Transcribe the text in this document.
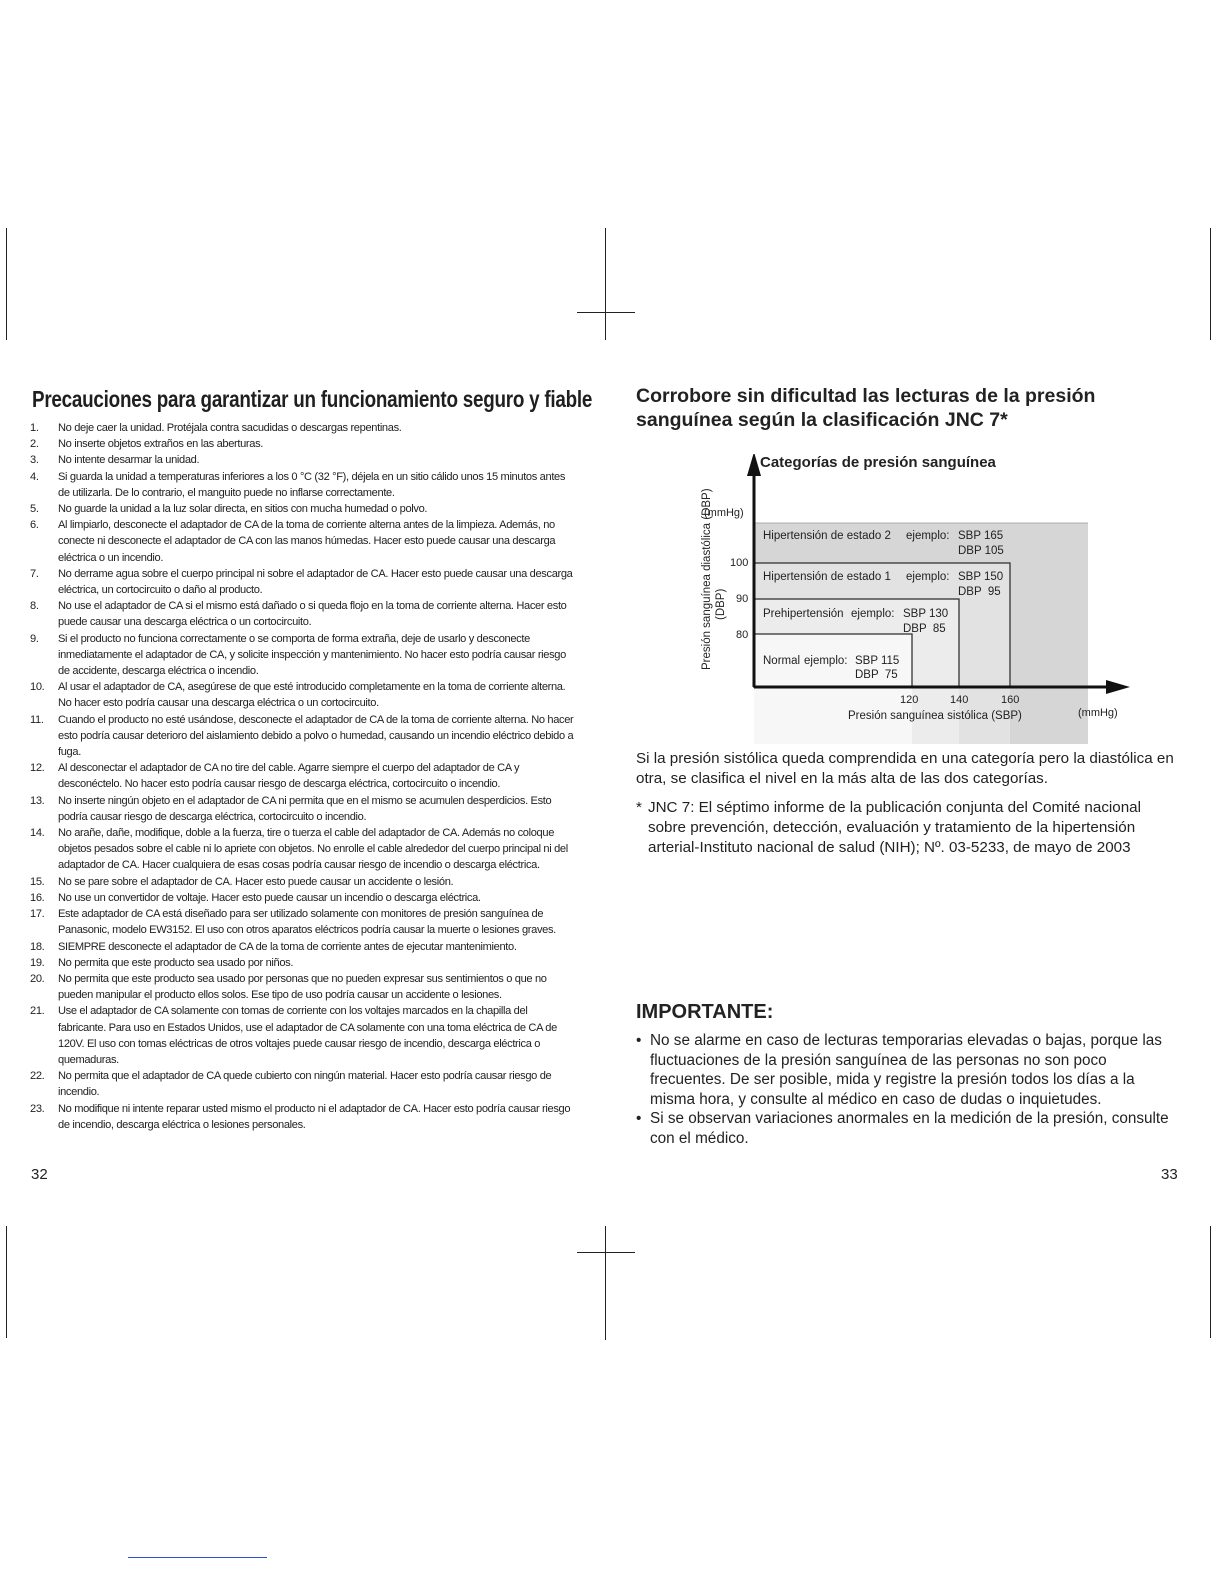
Precauciones para garantizar un funcionamiento seguro y fiable
1. No deje caer la unidad. Protéjala contra sacudidas o descargas repentinas.
2. No inserte objetos extraños en las aberturas.
3. No intente desarmar la unidad.
4. Si guarda la unidad a temperaturas inferiores a los 0 °C (32 °F), déjela en un sitio cálido unos 15 minutos antes de utilizarla. De lo contrario, el manguito puede no inflarse correctamente.
5. No guarde la unidad a la luz solar directa, en sitios con mucha humedad o polvo.
6. Al limpiarlo, desconecte el adaptador de CA de la toma de corriente alterna antes de la limpieza. Además, no conecte ni desconecte el adaptador de CA con las manos húmedas. Hacer esto puede causar una descarga eléctrica o un incendio.
7. No derrame agua sobre el cuerpo principal ni sobre el adaptador de CA. Hacer esto puede causar una descarga eléctrica, un cortocircuito o daño al producto.
8. No use el adaptador de CA si el mismo está dañado o si queda flojo en la toma de corriente alterna. Hacer esto puede causar una descarga eléctrica o un cortocircuito.
9. Si el producto no funciona correctamente o se comporta de forma extraña, deje de usarlo y desconecte inmediatamente el adaptador de CA, y solicite inspección y mantenimiento. No hacer esto podría causar riesgo de accidente, descarga eléctrica o incendio.
10. Al usar el adaptador de CA, asegúrese de que esté introducido completamente en la toma de corriente alterna. No hacer esto podría causar una descarga eléctrica o un cortocircuito.
11. Cuando el producto no esté usándose, desconecte el adaptador de CA de la toma de corriente alterna. No hacer esto podría causar deterioro del aislamiento debido a polvo o humedad, causando un incendio eléctrico debido a fuga.
12. Al desconectar el adaptador de CA no tire del cable. Agarre siempre el cuerpo del adaptador de CA y desconéctelo. No hacer esto podría causar riesgo de descarga eléctrica, cortocircuito o incendio.
13. No inserte ningún objeto en el adaptador de CA ni permita que en el mismo se acumulen desperdicios. Esto podría causar riesgo de descarga eléctrica, cortocircuito o incendio.
14. No arañe, dañe, modifique, doble a la fuerza, tire o tuerza el cable del adaptador de CA. Además no coloque objetos pesados sobre el cable ni lo apriete con objetos. No enrolle el cable alrededor del cuerpo principal ni del adaptador de CA. Hacer cualquiera de esas cosas podría causar riesgo de incendio o descarga eléctrica.
15. No se pare sobre el adaptador de CA. Hacer esto puede causar un accidente o lesión.
16. No use un convertidor de voltaje. Hacer esto puede causar un incendio o descarga eléctrica.
17. Este adaptador de CA está diseñado para ser utilizado solamente con monitores de presión sanguínea de Panasonic, modelo EW3152. El uso con otros aparatos eléctricos podría causar la muerte o lesiones graves.
18. SIEMPRE desconecte el adaptador de CA de la toma de corriente antes de ejecutar mantenimiento.
19. No permita que este producto sea usado por niños.
20. No permita que este producto sea usado por personas que no pueden expresar sus sentimientos o que no pueden manipular el producto ellos solos. Ese tipo de uso podría causar un accidente o lesiones.
21. Use el adaptador de CA solamente con tomas de corriente con los voltajes marcados en la chapilla del fabricante. Para uso en Estados Unidos, use el adaptador de CA solamente con una toma eléctrica de CA de 120V. El uso con tomas eléctricas de otros voltajes puede causar riesgo de incendio, descarga eléctrica o quemaduras.
22. No permita que el adaptador de CA quede cubierto con ningún material. Hacer esto podría causar riesgo de incendio.
23. No modifique ni intente reparar usted mismo el producto ni el adaptador de CA. Hacer esto podría causar riesgo de incendio, descarga eléctrica o lesiones personales.
32
Corrobore sin dificultad las lecturas de la presión sanguínea según la clasificación JNC 7*
Categorías de presión sanguínea
(mmHg)
Presión sanguínea diastólica (DBP) (DBP)
100
90
80
120	140	160
Presión sanguínea sistólica (SBP)	(mmHg)
Hipertensión de estado 2 ejemplo: SBP 165
DBP 105
Hipertensión de estado 1 ejemplo: SBP 150
DBP  95
Prehipertensión ejemplo: SBP 130
DBP  85
Normal ejemplo: SBP 115
DBP  75
Si la presión sistólica queda comprendida en una categoría pero la diastólica en otra, se clasifica el nivel en la más alta de las dos categorías.
* JNC 7: El séptimo informe de la publicación conjunta del Comité nacional sobre prevención, detección, evaluación y tratamiento de la hipertensión arterial-Instituto nacional de salud (NIH); Nº. 03-5233, de mayo de 2003
IMPORTANTE:
• No se alarme en caso de lecturas temporarias elevadas o bajas, porque las fluctuaciones de la presión sanguínea de las personas no son poco frecuentes. De ser posible, mida y registre la presión todos los días a la misma hora, y consulte al médico en caso de dudas o inquietudes.
• Si se observan variaciones anormales en la medición de la presión, consulte con el médico.
33
